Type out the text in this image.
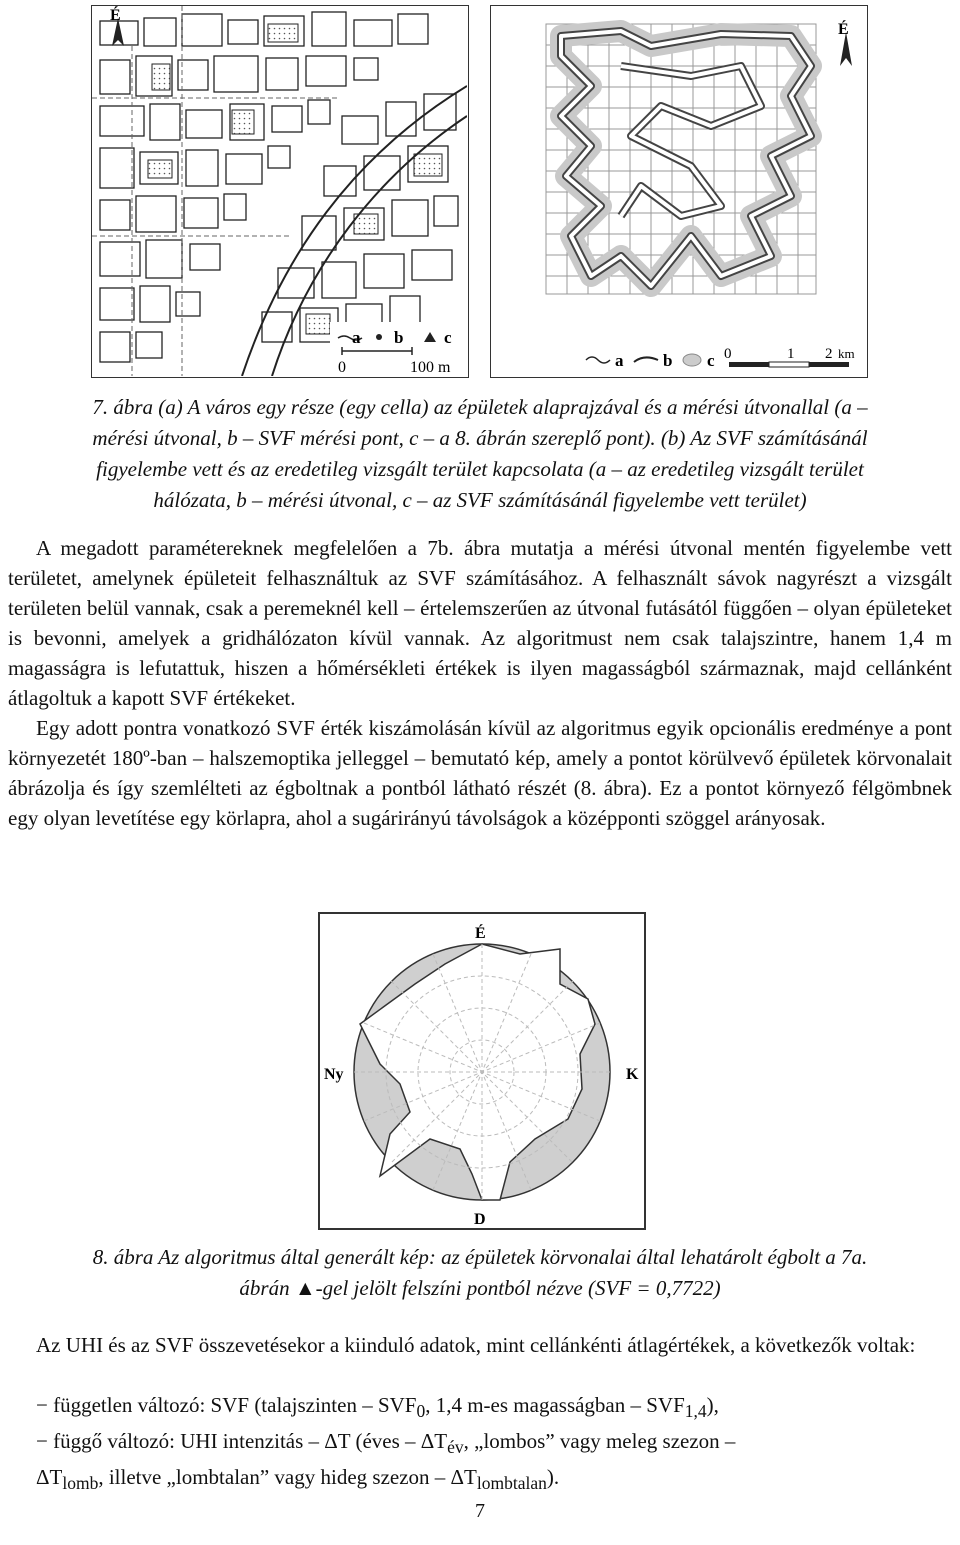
É
a b c
0	100 m
É
a b c 0	1 2 km
7. ábra (a) A város egy része (egy cella) az épületek alaprajzával és a mérési útvonallal (a –
mérési útvonal, b – SVF mérési pont, c – a 8. ábrán szereplő pont). (b) Az SVF számításánál
figyelembe vett és az eredetileg vizsgált terület kapcsolata (a – az eredetileg vizsgált terület
hálózata, b – mérési útvonal, c – az SVF számításánál figyelembe vett terület)

A megadott paramétereknek megfelelően a 7b. ábra mutatja a mérési útvonal mentén figyelembe vett területet, amelynek épületeit felhasználtuk az SVF számításához. A felhasznált sávok nagyrészt a vizsgált területen belül vannak, csak a peremeknél kell – értelemszerűen az útvonal futásától függően – olyan épületeket is bevonni, amelyek a gridhálózaton kívül vannak. Az algoritmust nem csak talajszintre, hanem 1,4 m magasságra is lefutattuk, hiszen a hőmérsékleti értékek is ilyen magasságból származnak, majd cellánként átlagoltuk a kapott SVF értékeket.

Egy adott pontra vonatkozó SVF érték kiszámolásán kívül az algoritmus egyik opcionális eredménye a pont környezetét 180º-ban – halszemoptika jelleggel – bemutató kép, amely a pontot körülvevő épületek körvonalait ábrázolja és így szemlélteti az égboltnak a pontból látható részét (8. ábra). Ez a pontot környező félgömbnek egy olyan levetítése egy körlapra, ahol a sugárirányú távolságok a középponti szöggel arányosak.

É
K
D
Ny
8. ábra Az algoritmus által generált kép: az épületek körvonalai által lehatárolt égbolt a 7a.
ábrán ▲-gel jelölt felszíni pontból nézve (SVF = 0,7722)

Az UHI és az SVF összevetésekor a kiinduló adatok, mint cellánkénti átlagértékek, a következők voltak:

− független változó: SVF (talajszinten – $SVF_0$, 1,4 m-es magasságban – $SVF_{1,4}$),
− függő változó: UHI intenzitás – ΔT (éves – $\Delta T_{év}$, „lombos” vagy meleg szezon –
$\Delta T_{lomb}$, illetve „lombtalan” vagy hideg szezon – $\Delta T_{lombtalan}$).
7
